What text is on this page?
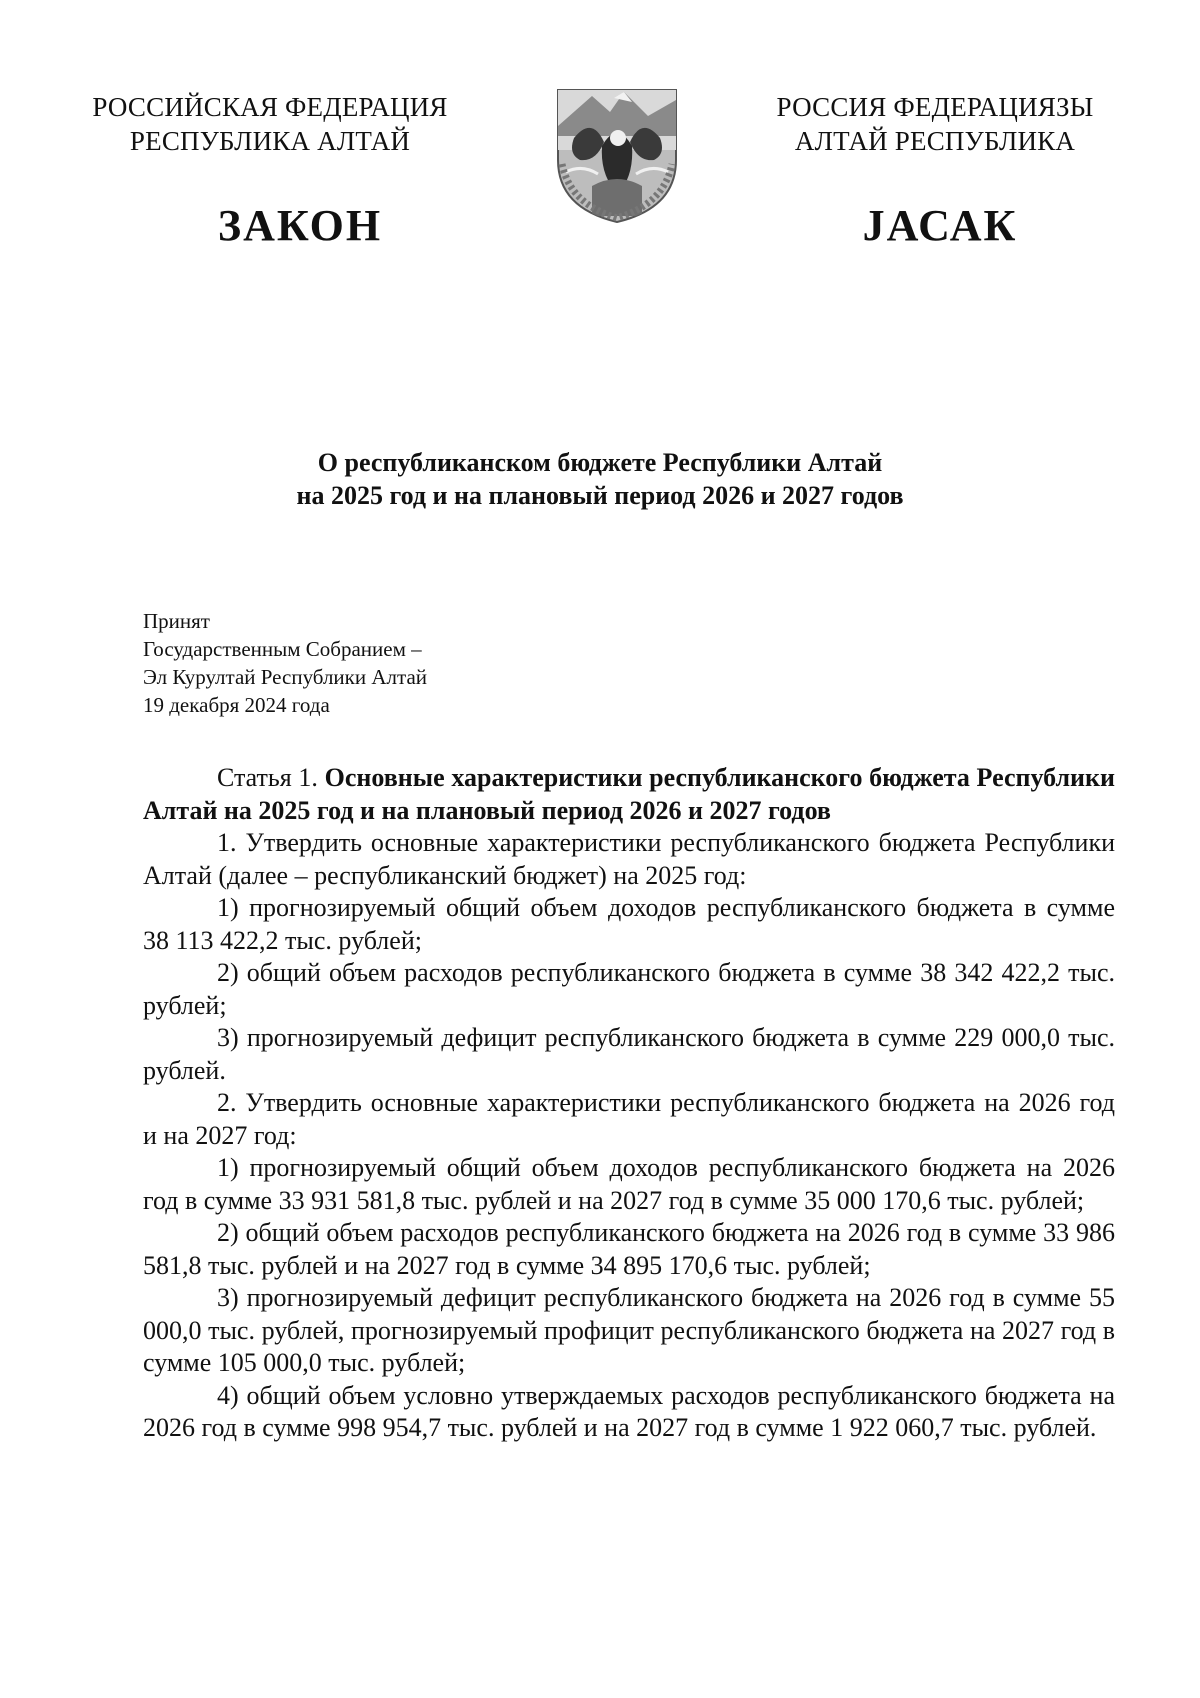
РОССИЙСКАЯ ФЕДЕРАЦИЯ
РЕСПУБЛИКА АЛТАЙ
РОССИЯ ФЕДЕРАЦИЯЗЫ
АЛТАЙ РЕСПУБЛИКА
ЗАКОН	JАСАК
О республиканском бюджете Республики Алтай
на 2025 год и на плановый период 2026 и 2027 годов
Принят
Государственным Собранием –
Эл Курултай Республики Алтай
19 декабря 2024 года

Статья 1. Основные характеристики республиканского бюджета Республики Алтай на 2025 год и на плановый период 2026 и 2027 годов

1. Утвердить основные характеристики республиканского бюджета Республики Алтай (далее – республиканский бюджет) на 2025 год:

1) прогнозируемый общий объем доходов республиканского бюджета в сумме 38 113 422,2 тыс. рублей;

2) общий объем расходов республиканского бюджета в сумме 38 342 422,2 тыс. рублей;

3) прогнозируемый дефицит республиканского бюджета в сумме 229 000,0 тыс. рублей.

2. Утвердить основные характеристики республиканского бюджета на 2026 год и на 2027 год:

1) прогнозируемый общий объем доходов республиканского бюджета на 2026 год в сумме 33 931 581,8 тыс. рублей и на 2027 год в сумме 35 000 170,6 тыс. рублей;

2) общий объем расходов республиканского бюджета на 2026 год в сумме 33 986 581,8 тыс. рублей и на 2027 год в сумме 34 895 170,6 тыс. рублей;

3) прогнозируемый дефицит республиканского бюджета на 2026 год в сумме 55 000,0 тыс. рублей, прогнозируемый профицит республиканского бюджета на 2027 год в сумме 105 000,0 тыс. рублей;

4) общий объем условно утверждаемых расходов республиканского бюджета на 2026 год в сумме 998 954,7 тыс. рублей и на 2027 год в сумме 1 922 060,7 тыс. рублей.
